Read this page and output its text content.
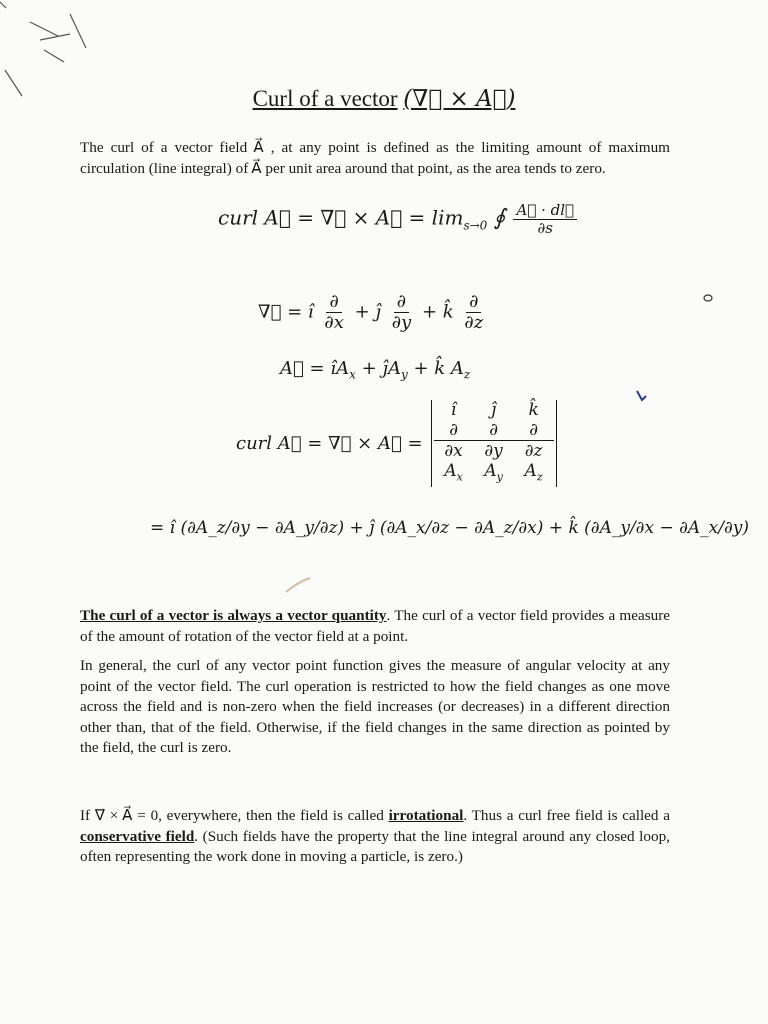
Curl of a vector (∇⃗ × A⃗)
The curl of a vector field A⃗ , at any point is defined as the limiting amount of maximum circulation (line integral) of A⃗ per unit area around that point, as the area tends to zero.
curl A⃗ = ∇⃗ × A⃗ = $\lim_{s\to 0}$ ∮ $\frac{A⃗ \cdot dl⃗}{\partial s}$
∇⃗ = î $\frac{\partial}{\partial x}$ + ĵ $\frac{\partial}{\partial y}$ + k̂ $\frac{\partial}{\partial z}$
A⃗ = $îA_x$ + $ĵA_y$ + k̂ $A_z$
curl A⃗ = ∇⃗ × A⃗ =
î	ĵ	k̂
∂	∂	∂
∂x	∂y	∂z
$A_x$	$A_y$	$A_z$
= î (∂A_z/∂y − ∂A_y/∂z) + ĵ (∂A_x/∂z − ∂A_z/∂x) + k̂ (∂A_y/∂x − ∂A_x/∂y)
The curl of a vector is always a vector quantity. The curl of a vector field provides a measure of the amount of rotation of the vector field at a point.
In general, the curl of any vector point function gives the measure of angular velocity at any point of the vector field. The curl operation is restricted to how the field changes as one move across the field and is non-zero when the field increases (or decreases) in a different direction other than, that of the field. Otherwise, if the field changes in the same direction as pointed by the field, the curl is zero.
If ∇⃗ × A⃗ = 0, everywhere, then the field is called irrotational. Thus a curl free field is called a conservative field. (Such fields have the property that the line integral around any closed loop, often representing the work done in moving a particle, is zero.)
